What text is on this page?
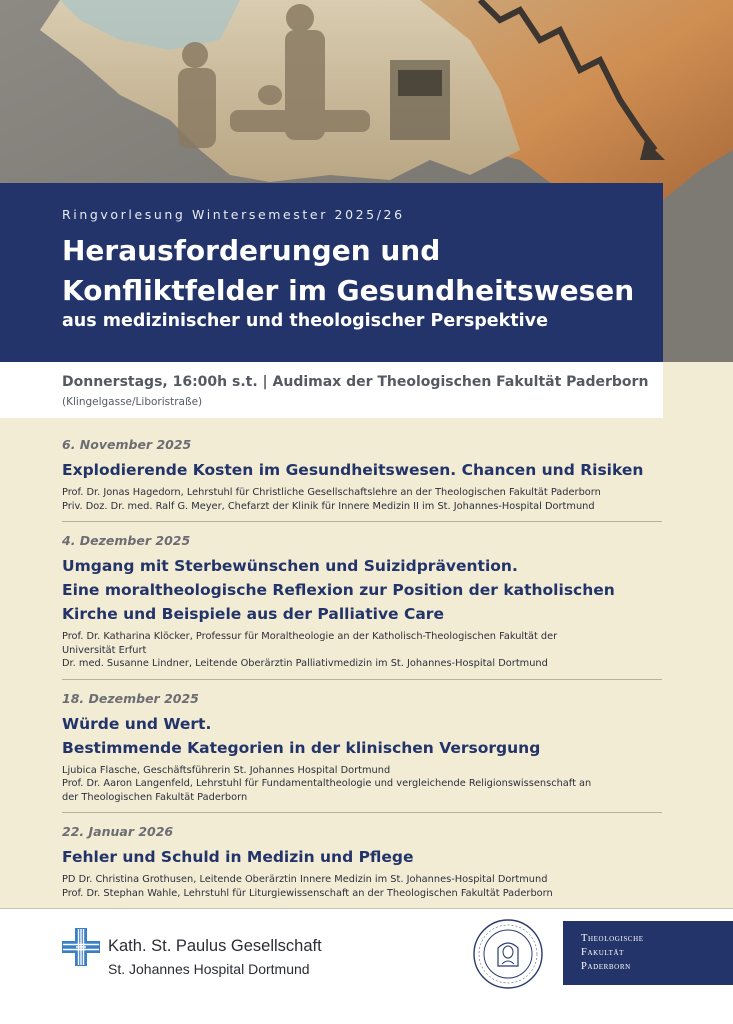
Ringvorlesung Wintersemester 2025/26
Herausforderungen und
Konfliktfelder im Gesundheitswesen
aus medizinischer und theologischer Perspektive
Donnerstags, 16:00h s.t. | Audimax der Theologischen Fakultät Paderborn
(Klingelgasse/Liboristraße)
6. November 2025
Explodierende Kosten im Gesundheitswesen. Chancen und Risiken
Prof. Dr. Jonas Hagedorn, Lehrstuhl für Christliche Gesellschaftslehre an der Theologischen Fakultät Paderborn
Priv. Doz. Dr. med. Ralf G. Meyer, Chefarzt der Klinik für Innere Medizin II im St. Johannes-Hospital Dortmund
4. Dezember 2025
Umgang mit Sterbewünschen und Suizidprävention.
Eine moraltheologische Reflexion zur Position der katholischen
Kirche und Beispiele aus der Palliative Care
Prof. Dr. Katharina Klöcker, Professur für Moraltheologie an der Katholisch-Theologischen Fakultät der
Universität Erfurt
Dr. med. Susanne Lindner, Leitende Oberärztin Palliativmedizin im St. Johannes-Hospital Dortmund
18. Dezember 2025
Würde und Wert.
Bestimmende Kategorien in der klinischen Versorgung
Ljubica Flasche, Geschäftsführerin St. Johannes Hospital Dortmund
Prof. Dr. Aaron Langenfeld, Lehrstuhl für Fundamentaltheologie und vergleichende Religionswissenschaft an
der Theologischen Fakultät Paderborn
22. Januar 2026
Fehler und Schuld in Medizin und Pflege
PD Dr. Christina Grothusen, Leitende Oberärztin Innere Medizin im St. Johannes-Hospital Dortmund
Prof. Dr. Stephan Wahle, Lehrstuhl für Liturgiewissenschaft an der Theologischen Fakultät Paderborn
Kath. St. Paulus Gesellschaft
St. Johannes Hospital Dortmund
Theologische
Fakultät
Paderborn
